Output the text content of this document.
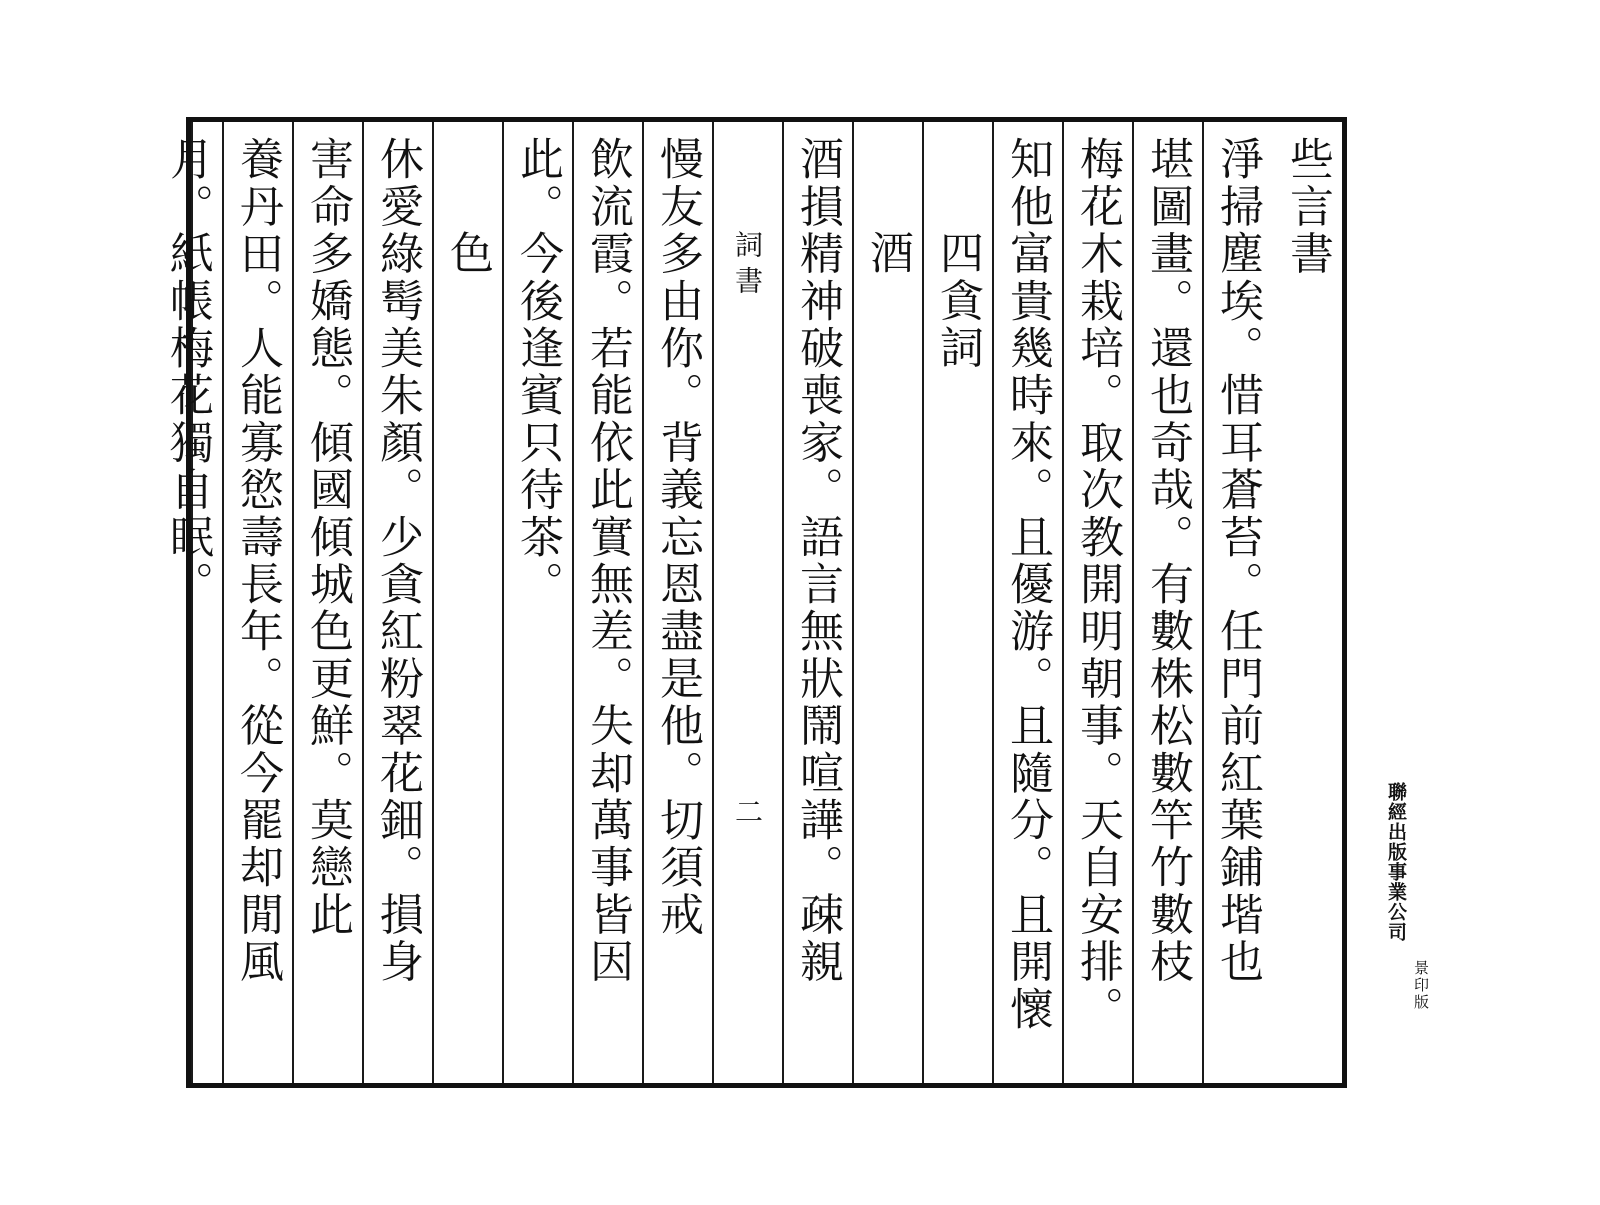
些言書
淨掃塵埃。惜耳蒼苔。任門前紅葉鋪堦也
堪圖畫。還也奇哉。有數株松數竿竹數枝
梅花木栽培。取次教開明朝事。天自安排。
知他富貴幾時來。且優游。且隨分。且開懷
四貪詞
酒
酒損精神破喪家。語言無狀鬧喧譁。疎親
詞書
二
慢友多由你。背義忘恩盡是他。切須戒
飲流霞。若能依此實無差。失却萬事皆因
此。今後逢賓只待茶。
色
休愛綠髩美朱顏。少貪紅粉翠花鈿。損身
害命多嬌態。傾國傾城色更鮮。莫戀此
養丹田。人能寡慾壽長年。從今罷却閒風
月。紙帳梅花獨自眠。
聯經出版事業公司
景印版
